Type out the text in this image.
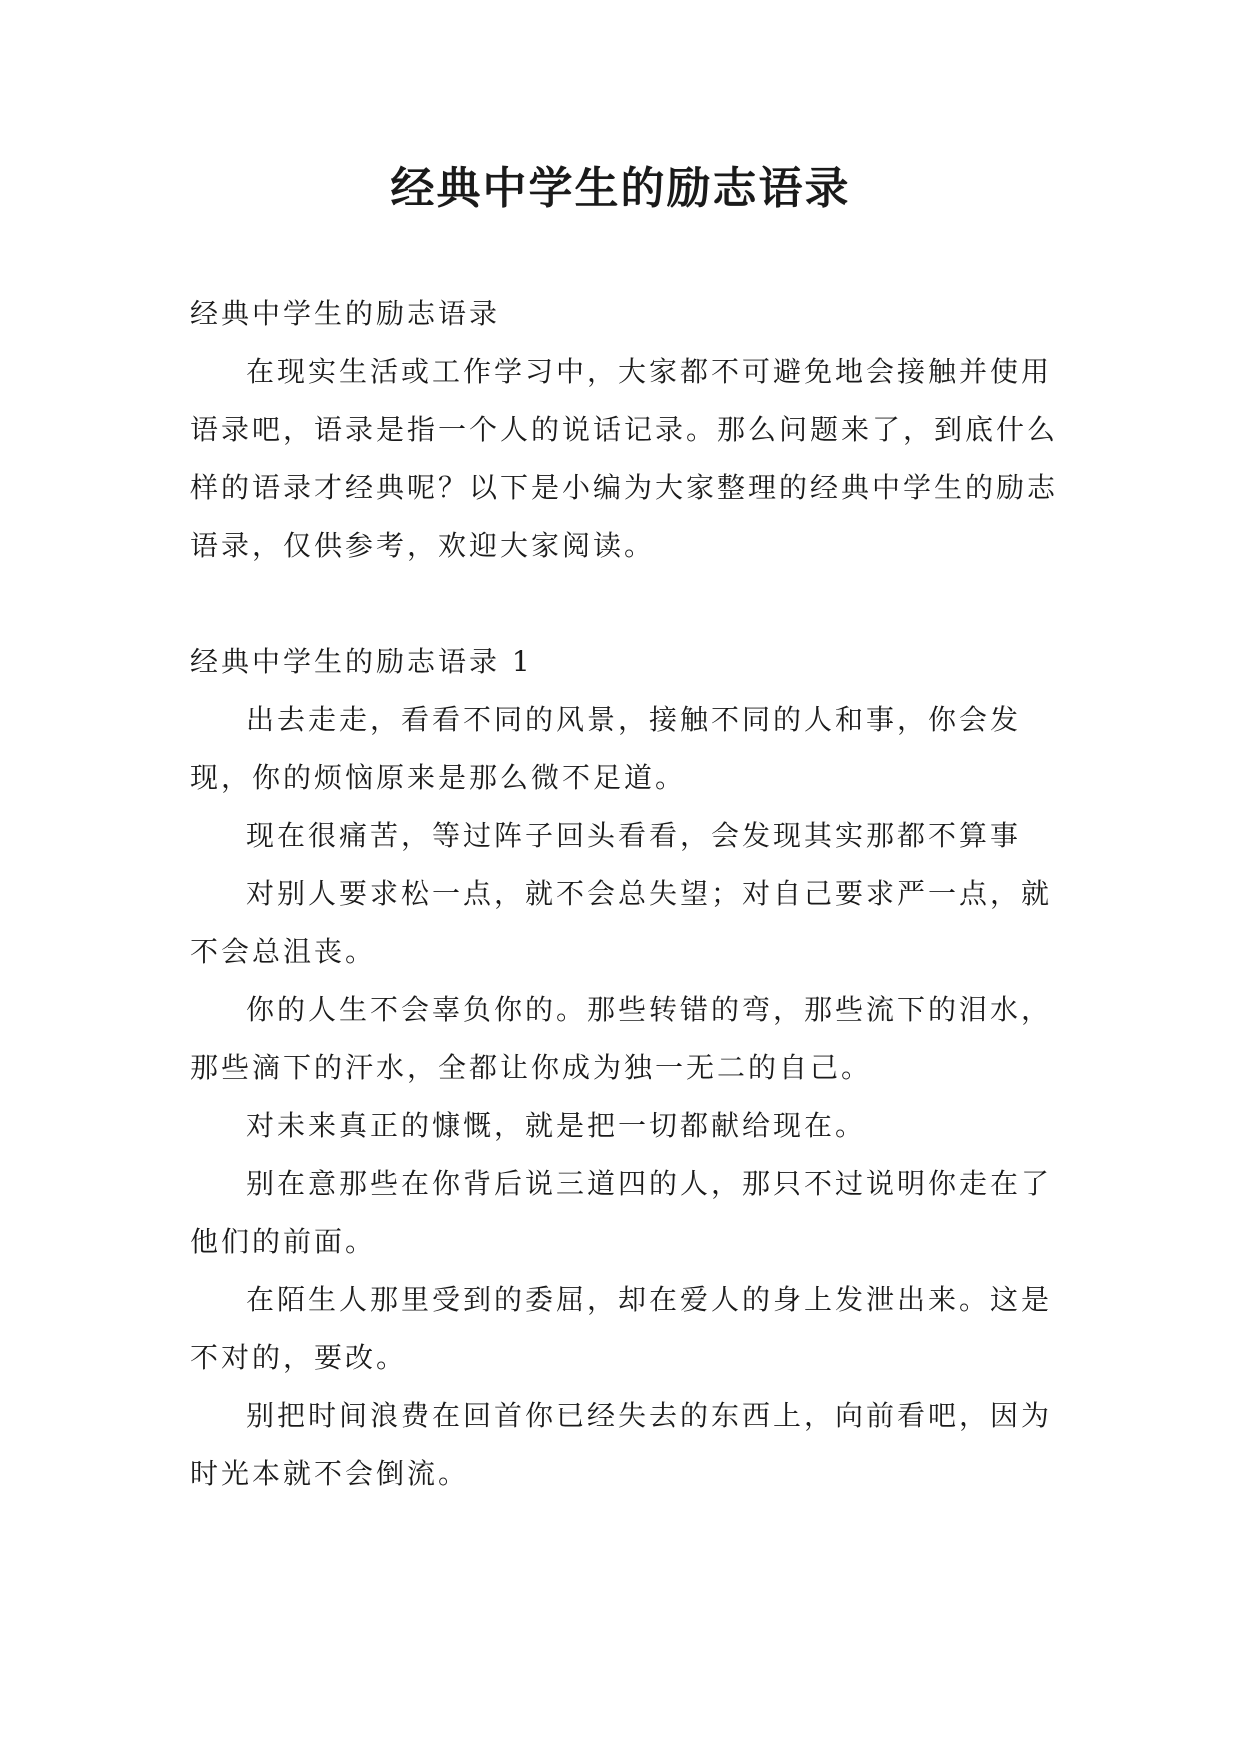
经典中学生的励志语录

经典中学生的励志语录

在现实生活或工作学习中，大家都不可避免地会接触并使用语录吧，语录是指一个人的说话记录。那么问题来了，到底什么样的语录才经典呢？以下是小编为大家整理的经典中学生的励志语录，仅供参考，欢迎大家阅读。

经典中学生的励志语录 1

出去走走，看看不同的风景，接触不同的人和事，你会发现，你的烦恼原来是那么微不足道。

现在很痛苦，等过阵子回头看看，会发现其实那都不算事

对别人要求松一点，就不会总失望；对自己要求严一点，就不会总沮丧。

你的人生不会辜负你的。那些转错的弯，那些流下的泪水，那些滴下的汗水，全都让你成为独一无二的自己。

对未来真正的慷慨，就是把一切都献给现在。

别在意那些在你背后说三道四的人，那只不过说明你走在了他们的前面。

在陌生人那里受到的委屈，却在爱人的身上发泄出来。这是不对的，要改。

别把时间浪费在回首你已经失去的东西上，向前看吧，因为时光本就不会倒流。
